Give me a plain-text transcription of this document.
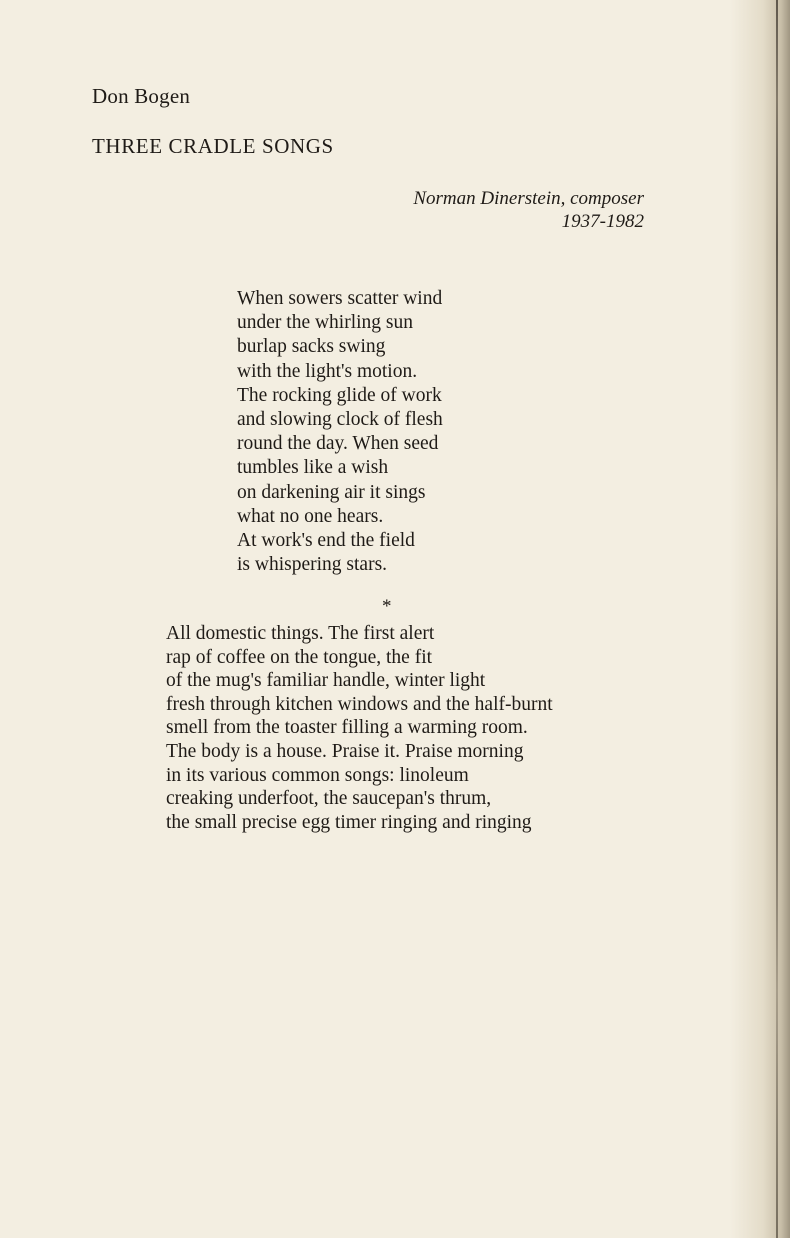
Don Bogen
THREE CRADLE SONGS
Norman Dinerstein, composer
1937-1982
When sowers scatter wind
under the whirling sun
burlap sacks swing
with the light's motion.
The rocking glide of work
and slowing clock of flesh
round the day. When seed
tumbles like a wish
on darkening air it sings
what no one hears.
At work's end the field
is whispering stars.
*
All domestic things. The first alert
rap of coffee on the tongue, the fit
of the mug's familiar handle, winter light
fresh through kitchen windows and the half-burnt
smell from the toaster filling a warming room.
The body is a house. Praise it. Praise morning
in its various common songs: linoleum
creaking underfoot, the saucepan's thrum,
the small precise egg timer ringing and ringing
